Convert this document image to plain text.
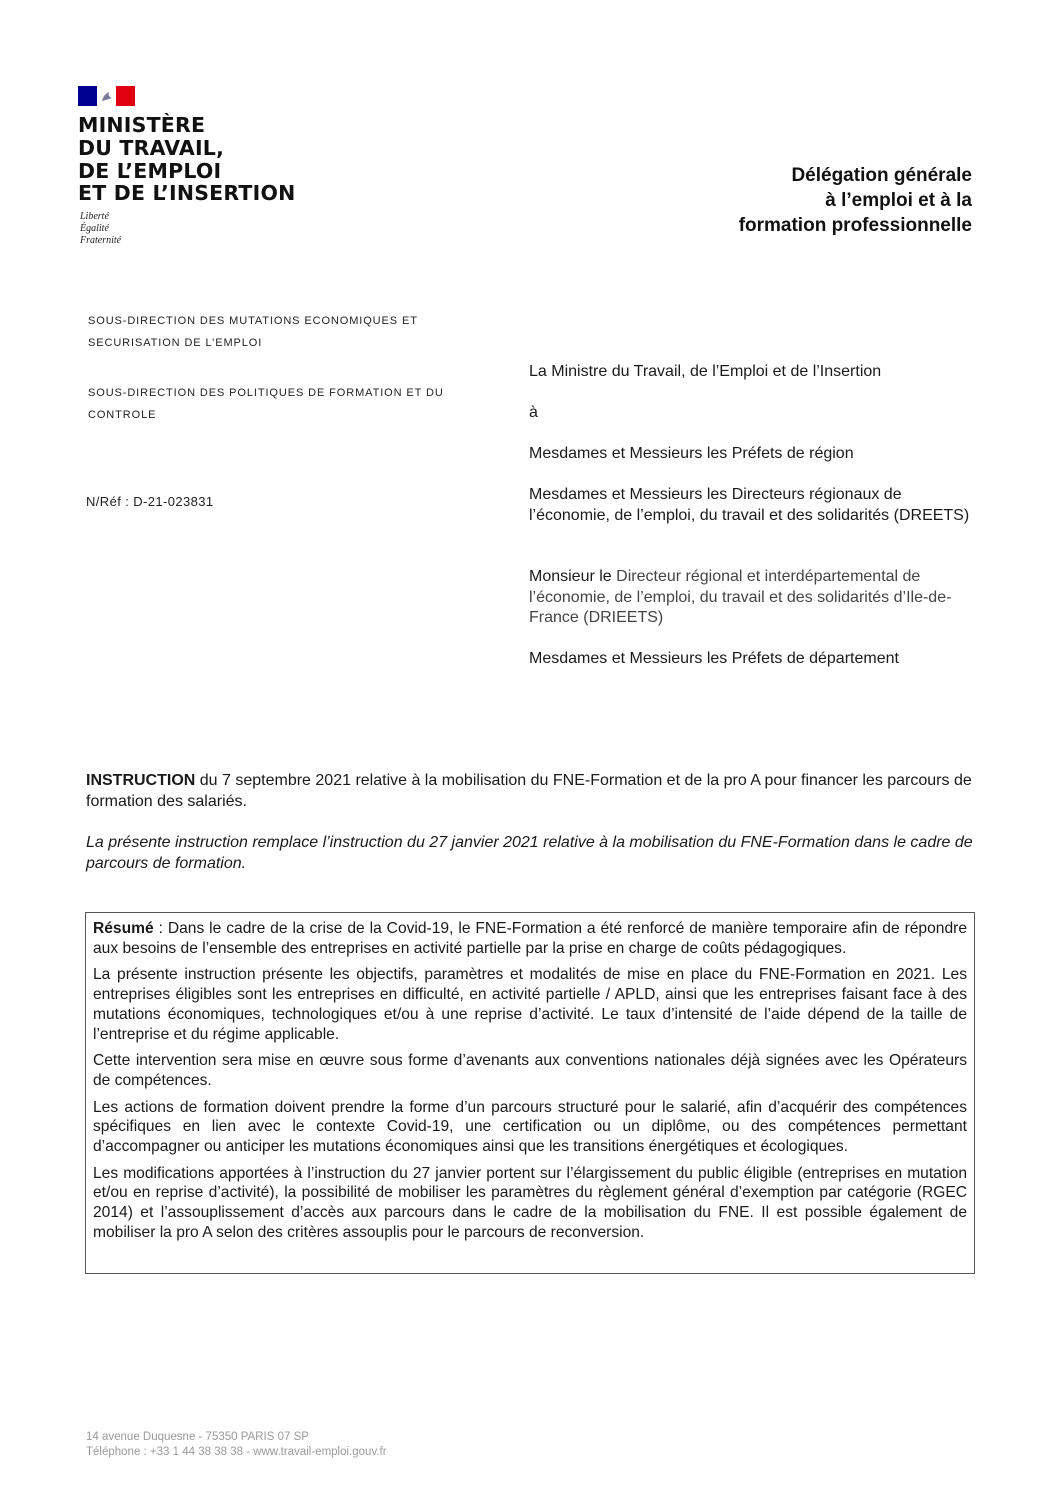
MINISTÈRE
DU TRAVAIL,
DE L’EMPLOI
ET DE L’INSERTION
Liberté
Égalité
Fraternité
Délégation générale
à l’emploi et à la
formation professionnelle
SOUS-DIRECTION DES MUTATIONS ECONOMIQUES ET
SECURISATION DE L’EMPLOI
SOUS-DIRECTION DES POLITIQUES DE FORMATION ET DU
CONTROLE
N/Réf : D-21-023831
La Ministre du Travail, de l’Emploi et de l’Insertion
à
Mesdames et Messieurs les Préfets de région
Mesdames et Messieurs les Directeurs régionaux de l’économie, de l’emploi, du travail et des solidarités (DREETS)
Monsieur le Directeur régional et interdépartemental de l’économie, de l’emploi, du travail et des solidarités d’Ile-de-France (DRIEETS)
Mesdames et Messieurs les Préfets de département
INSTRUCTION du 7 septembre 2021 relative à la mobilisation du FNE-Formation et de la pro A pour financer les parcours de formation des salariés.
La présente instruction remplace l’instruction du 27 janvier 2021 relative à la mobilisation du FNE-Formation dans le cadre de parcours de formation.

Résumé : Dans le cadre de la crise de la Covid-19, le FNE-Formation a été renforcé de manière temporaire afin de répondre aux besoins de l’ensemble des entreprises en activité partielle par la prise en charge de coûts pédagogiques.

La présente instruction présente les objectifs, paramètres et modalités de mise en place du FNE-Formation en 2021. Les entreprises éligibles sont les entreprises en difficulté, en activité partielle / APLD, ainsi que les entreprises faisant face à des mutations économiques, technologiques et/ou à une reprise d’activité. Le taux d’intensité de l’aide dépend de la taille de l’entreprise et du régime applicable.

Cette intervention sera mise en œuvre sous forme d’avenants aux conventions nationales déjà signées avec les Opérateurs de compétences.

Les actions de formation doivent prendre la forme d’un parcours structuré pour le salarié, afin d’acquérir des compétences spécifiques en lien avec le contexte Covid-19, une certification ou un diplôme, ou des compétences permettant d’accompagner ou anticiper les mutations économiques ainsi que les transitions énergétiques et écologiques.

Les modifications apportées à l’instruction du 27 janvier portent sur l’élargissement du public éligible (entreprises en mutation et/ou en reprise d’activité), la possibilité de mobiliser les paramètres du règlement général d’exemption par catégorie (RGEC 2014) et l’assouplissement d’accès aux parcours dans le cadre de la mobilisation du FNE. Il est possible également de mobiliser la pro A selon des critères assouplis pour le parcours de reconversion.

14 avenue Duquesne - 75350 PARIS 07 SP
Téléphone : +33 1 44 38 38 38 - www.travail-emploi.gouv.fr
